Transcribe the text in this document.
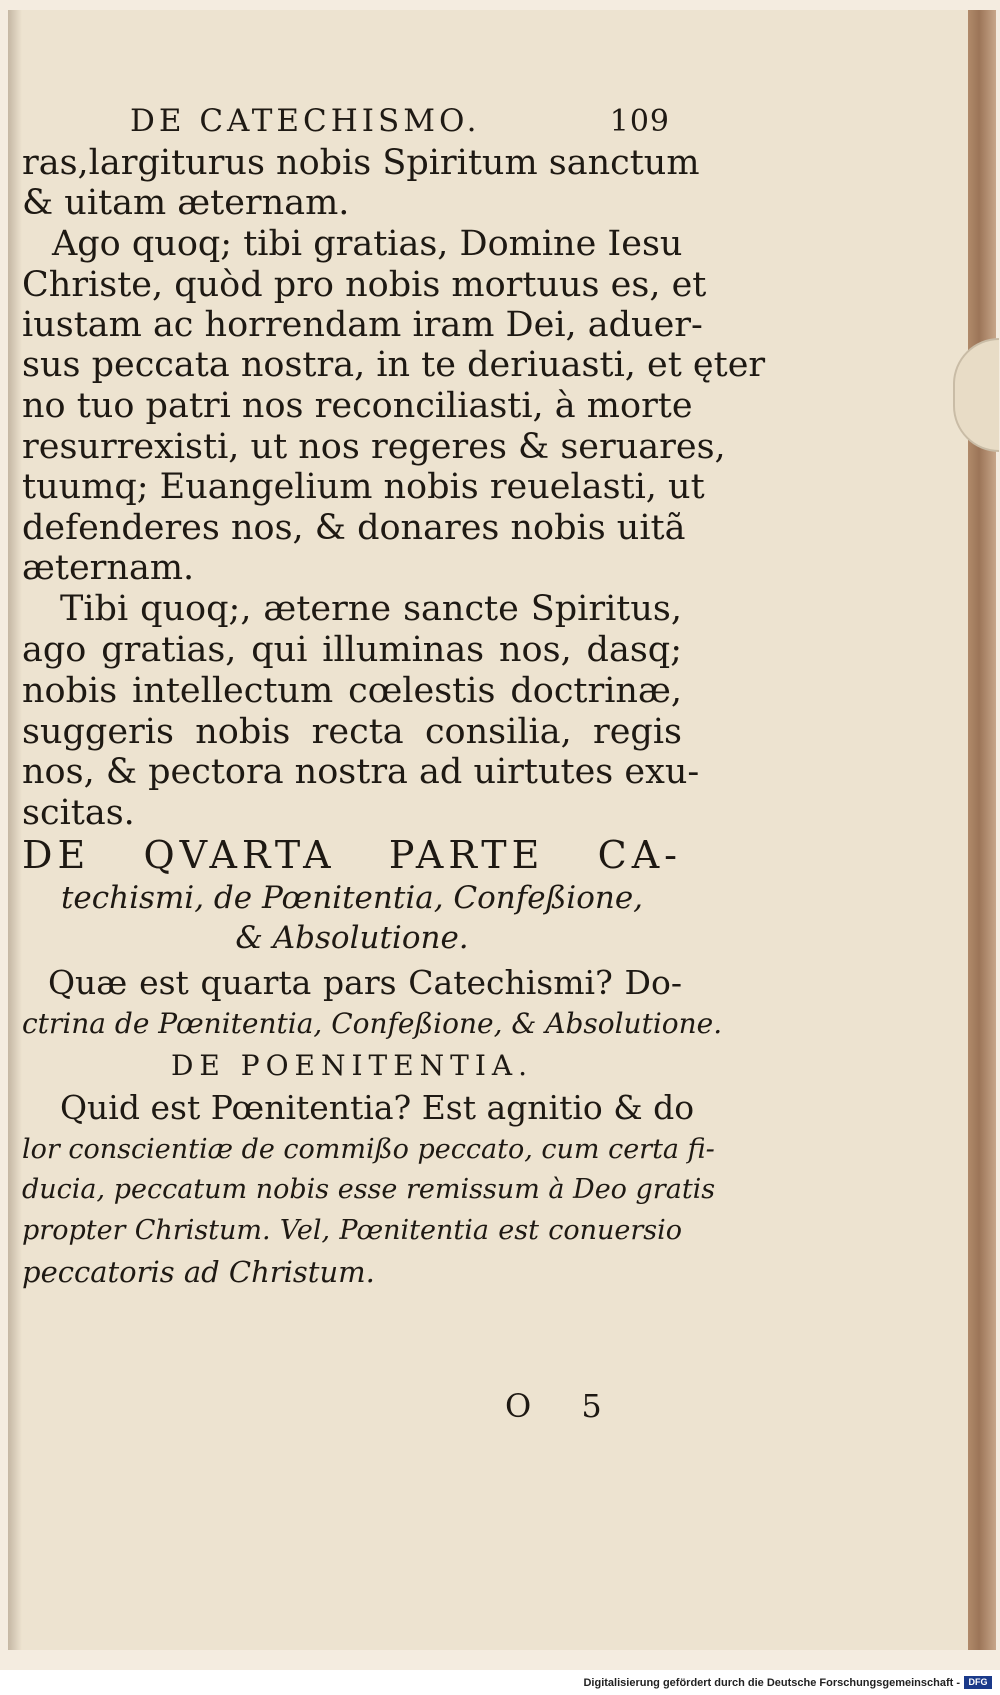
DE CATECHISMO.	109
ras,largiturus nobis Spiritum sanctum
& uitam æternam.
Ago quoq; tibi gratias, Domine Iesu
Christe, quòd pro nobis mortuus es, et
iustam ac horrendam iram Dei, aduer-
sus peccata nostra, in te deriuasti, et ęter
no tuo patri nos reconciliasti, à morte
resurrexisti, ut nos regeres & seruares,
tuumq; Euangelium nobis reuelasti, ut
defenderes nos, & donares nobis uitã
æternam.
Tibi quoq;, æterne sancte Spiritus,
ago gratias, qui illuminas nos, dasq;
nobis intellectum cœlestis doctrinæ,
suggeris nobis recta consilia, regis
nos, & pectora nostra ad uirtutes exu-
scitas.
DE QVARTA PARTE CA-
techismi, de Pœnitentia, Confeßione,
& Absolutione.
Quæ est quarta pars Catechismi? Do-
ctrina de Pœnitentia, Confeßione, & Absolutione.
DE POENITENTIA.
Quid est Pœnitentia? Est agnitio & do
lor conscientiæ de commißo peccato, cum certa fi-
ducia, peccatum nobis esse remissum à Deo gratis
propter Christum. Vel, Pœnitentia est conuersio
peccatoris ad Christum.
O 5
Digitalisierung gefördert durch die Deutsche Forschungsgemeinschaft - DFG
